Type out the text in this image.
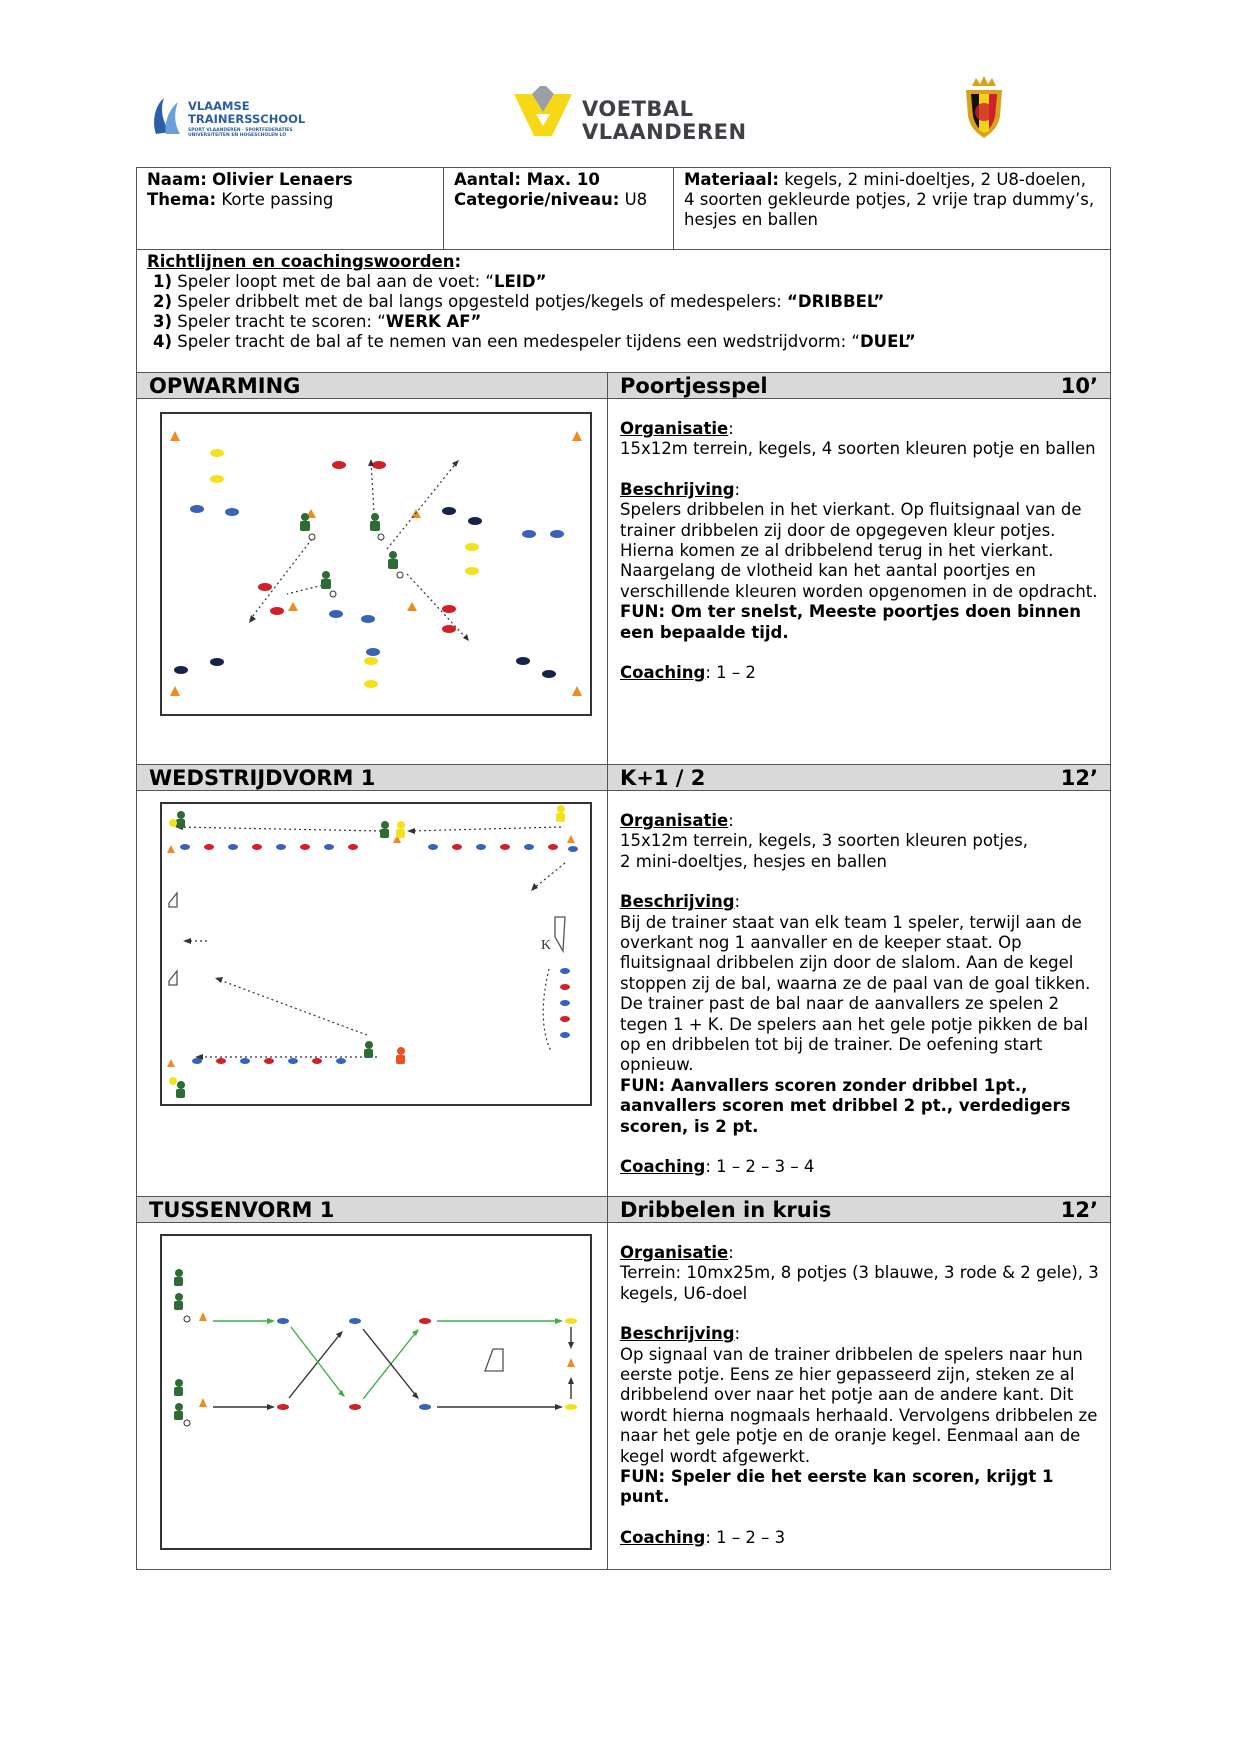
VLAAMSE
TRAINERSSCHOOL
SPORT VLAANDEREN · SPORTFEDERATIES
UNIVERSITEITEN EN HOGESCHOLEN LO
VOETBAL
VLAANDEREN
Naam: Olivier Lenaers
Thema: Korte passing
Aantal: Max. 10
Categorie/niveau: U8
Materiaal: kegels, 2 mini-doeltjes, 2 U8-doelen, 4 soorten gekleurde potjes, 2 vrije trap dummy’s, hesjes en ballen
Richtlijnen en coachingswoorden:
1) Speler loopt met de bal aan de voet: “LEID”
2) Speler dribbelt met de bal langs opgesteld potjes/kegels of medespelers: “DRIBBEL”
3) Speler tracht te scoren: “WERK AF”
4) Speler tracht de bal af te nemen van een medespeler tijdens een wedstrijdvorm: “DUEL”
OPWARMING	Poortjesspel	10’

Organisatie:
15x12m terrein, kegels, 4 soorten kleuren potje en ballen

Beschrijving:
Spelers dribbelen in het vierkant. Op fluitsignaal van de trainer dribbelen zij door de opgegeven kleur potjes. Hierna komen ze al dribbelend terug in het vierkant. Naargelang de vlotheid kan het aantal poortjes en verschillende kleuren worden opgenomen in de opdracht.

FUN: Om ter snelst, Meeste poortjes doen binnen een bepaalde tijd.

Coaching: 1 – 2

WEDSTRIJDVORM 1	K+1 / 2	12’
K

Organisatie:
15x12m terrein, kegels, 3 soorten kleuren potjes,
2 mini-doeltjes, hesjes en ballen

Beschrijving:
Bij de trainer staat van elk team 1 speler, terwijl aan de overkant nog 1 aanvaller en de keeper staat. Op fluitsignaal dribbelen zijn door de slalom. Aan de kegel stoppen zij de bal, waarna ze de paal van de goal tikken. De trainer past de bal naar de aanvallers ze spelen 2 tegen 1 + K. De spelers aan het gele potje pikken de bal op en dribbelen tot bij de trainer. De oefening start opnieuw.

FUN: Aanvallers scoren zonder dribbel 1pt., aanvallers scoren met dribbel 2 pt., verdedigers scoren, is 2 pt.

Coaching: 1 – 2 – 3 – 4

TUSSENVORM 1	Dribbelen in kruis	12’

Organisatie:
Terrein: 10mx25m, 8 potjes (3 blauwe, 3 rode & 2 gele), 3 kegels, U6-doel

Beschrijving:
Op signaal van de trainer dribbelen de spelers naar hun eerste potje. Eens ze hier gepasseerd zijn, steken ze al dribbelend over naar het potje aan de andere kant. Dit wordt hierna nogmaals herhaald. Vervolgens dribbelen ze naar het gele potje en de oranje kegel. Eenmaal aan de kegel wordt afgewerkt.

FUN: Speler die het eerste kan scoren, krijgt 1 punt.

Coaching: 1 – 2 – 3
